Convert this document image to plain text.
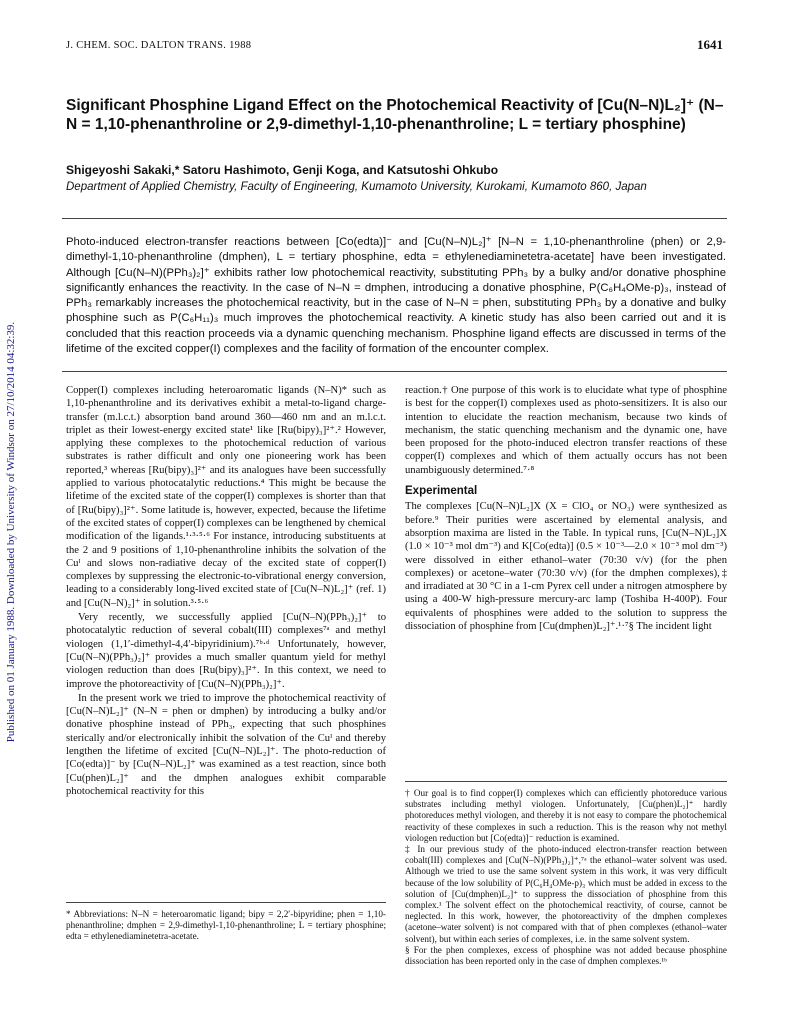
Published on 01 January 1988. Downloaded by University of Windsor on 27/10/2014 04:32:39.
J. CHEM. SOC. DALTON TRANS. 1988	1641
Significant Phosphine Ligand Effect on the Photochemical Reactivity of [Cu(N–N)L₂]⁺ (N–N = 1,10-phenanthroline or 2,9-dimethyl-1,10-phenanthroline; L = tertiary phosphine)
Shigeyoshi Sakaki,* Satoru Hashimoto, Genji Koga, and Katsutoshi Ohkubo
Department of Applied Chemistry, Faculty of Engineering, Kumamoto University, Kurokami, Kumamoto 860, Japan

Photo-induced electron-transfer reactions between [Co(edta)]⁻ and [Cu(N–N)L₂]⁺ [N–N = 1,10-phenanthroline (phen) or 2,9-dimethyl-1,10-phenanthroline (dmphen), L = tertiary phosphine, edta = ethylenediaminetetra-acetate] have been investigated. Although [Cu(N–N)(PPh₃)₂]⁺ exhibits rather low photochemical reactivity, substituting PPh₃ by a bulky and/or donative phosphine significantly enhances the reactivity. In the case of N–N = dmphen, introducing a donative phosphine, P(C₆H₄OMe-p)₃, instead of PPh₃ remarkably increases the photochemical reactivity, but in the case of N–N = phen, substituting PPh₃ by a donative and bulky phosphine such as P(C₆H₁₁)₃ much improves the photochemical reactivity. A kinetic study has also been carried out and it is concluded that this reaction proceeds via a dynamic quenching mechanism. Phosphine ligand effects are discussed in terms of the lifetime of the excited copper(I) complexes and the facility of formation of the encounter complex.

Copper(I) complexes including heteroaromatic ligands (N–N)* such as 1,10-phenanthroline and its derivatives exhibit a metal-to-ligand charge-transfer (m.l.c.t.) absorption band around 360—460 nm and an m.l.c.t. triplet as their lowest-energy excited state¹ like [Ru(bipy)₃]²⁺.² However, applying these complexes to the photochemical reduction of various substrates is rather difficult and only one pioneering work has been reported,³ whereas [Ru(bipy)₃]²⁺ and its analogues have been successfully applied to various photocatalytic reductions.⁴ This might be because the lifetime of the excited state of the copper(I) complexes is shorter than that of [Ru(bipy)₃]²⁺. Some latitude is, however, expected, because the lifetime of the excited states of copper(I) complexes can be lengthened by chemical modification of the ligands.¹·³·⁵·⁶ For instance, introducing substituents at the 2 and 9 positions of 1,10-phenanthroline inhibits the solvation of the Cuᴵ and slows non-radiative decay of the excited state of copper(I) complexes by suppressing the electronic-to-vibrational energy conversion, leading to a considerably long-lived excited state of [Cu(N–N)L₂]⁺ (ref. 1) and [Cu(N–N)₂]⁺ in solution.³·⁵·⁶

Very recently, we successfully applied [Cu(N–N)(PPh₃)₂]⁺ to photocatalytic reduction of several cobalt(III) complexes⁷ᵃ and methyl viologen (1,1′-dimethyl-4,4′-bipyridinium).⁷ᵇ·ᵈ Unfortunately, however, [Cu(N–N)(PPh₃)₂]⁺ provides a much smaller quantum yield for methyl viologen reduction than does [Ru(bipy)₃]²⁺. In this context, we need to improve the photoreactivity of [Cu(N–N)(PPh₃)₂]⁺.

In the present work we tried to improve the photochemical reactivity of [Cu(N–N)L₂]⁺ (N–N = phen or dmphen) by introducing a bulky and/or donative phosphine instead of PPh₃, expecting that such phosphines sterically and/or electronically inhibit the solvation of the Cuᴵ and thereby lengthen the lifetime of excited [Cu(N–N)L₂]⁺. The photo-reduction of [Co(edta)]⁻ by [Cu(N–N)L₂]⁺ was examined as a test reaction, since both [Cu(phen)L₂]⁺ and the dmphen analogues exhibit comparable photochemical reactivity for this

reaction.† One purpose of this work is to elucidate what type of phosphine is best for the copper(I) complexes used as photo-sensitizers. It is also our intention to elucidate the reaction mechanism, because two kinds of mechanism, the static quenching mechanism and the dynamic one, have been proposed for the photo-induced electron transfer reactions of these copper(I) complexes and which of them actually occurs has not been unambiguously determined.⁷·⁸

Experimental

The complexes [Cu(N–N)L₂]X (X = ClO₄ or NO₃) were synthesized as before.⁹ Their purities were ascertained by elemental analysis, and absorption maxima are listed in the Table. In typical runs, [Cu(N–N)L₂]X (1.0 × 10⁻³ mol dm⁻³) and K[Co(edta)] (0.5 × 10⁻³—2.0 × 10⁻³ mol dm⁻³) were dissolved in either ethanol–water (70:30 v/v) (for the phen complexes) or acetone–water (70:30 v/v) (for the dmphen complexes),‡ and irradiated at 30 °C in a 1-cm Pyrex cell under a nitrogen atmosphere by using a 400-W high-pressure mercury-arc lamp (Toshiba H-400P). Four equivalents of phosphines were added to the solution to suppress the dissociation of phosphine from [Cu(dmphen)L₂]⁺.¹·⁷§ The incident light

* Abbreviations: N–N = heteroaromatic ligand; bipy = 2,2′-bipyridine; phen = 1,10-phenanthroline; dmphen = 2,9-dimethyl-1,10-phenanthroline; L = tertiary phosphine; edta = ethylenediaminetetra-acetate.

† Our goal is to find copper(I) complexes which can efficiently photoreduce various substrates including methyl viologen. Unfortunately, [Cu(phen)L₂]⁺ hardly photoreduces methyl viologen, and thereby it is not easy to compare the photochemical reactivity of these complexes in such a reduction. This is the reason why not methyl viologen reduction but [Co(edta)]⁻ reduction is examined.

‡ In our previous study of the photo-induced electron-transfer reaction between cobalt(III) complexes and [Cu(N–N)(PPh₃)₂]⁺,⁷ᵃ the ethanol–water solvent was used. Although we tried to use the same solvent system in this work, it was very difficult because of the low solubility of P(C₆H₄OMe-p)₃ which must be added in excess to the solution of [Cu(dmphen)L₂]⁺ to suppress the dissociation of phosphine from this complex.¹ The solvent effect on the photochemical reactivity, of course, cannot be neglected. In this work, however, the photoreactivity of the dmphen complexes (acetone–water solvent) is not compared with that of phen complexes (ethanol–water solvent), but within each series of complexes, i.e. in the same solvent system.

§ For the phen complexes, excess of phosphine was not added because phosphine dissociation has been reported only in the case of dmphen complexes.¹ᵇ
